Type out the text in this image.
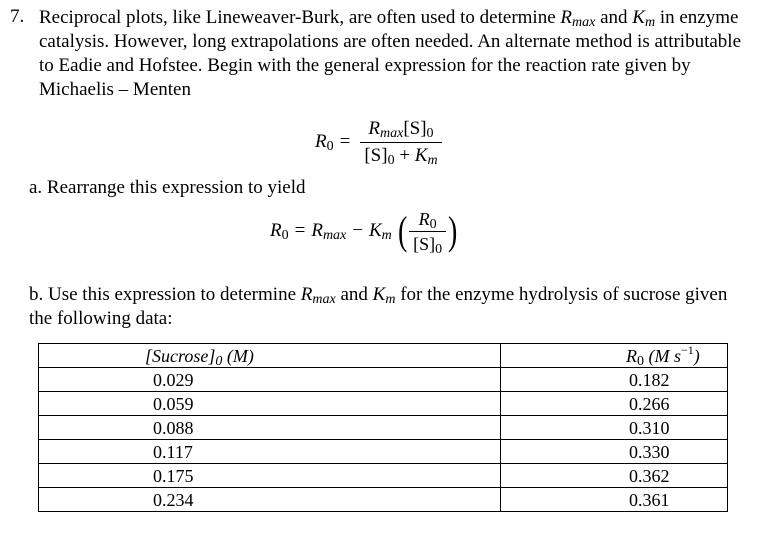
7. Reciprocal plots, like Lineweaver-Burk, are often used to determine $R_{max}$ and $K_m$ in enzyme catalysis. However, long extrapolations are often needed. An alternate method is attributable to Eadie and Hofstee. Begin with the general expression for the reaction rate given by Michaelis – Menten
$R_0 = \frac{R_{max}[S]_0}{[S]_0 + K_m}$
a. Rearrange this expression to yield
$R_0 = R_{max} - K_m$ ( $\frac{R_0}{[S]_0}$ )
b. Use this expression to determine $R_{max}$ and $K_m$ for the enzyme hydrolysis of sucrose given the following data:
$[Sucrose]_0$ (M)	$R_0$ (M $s^{-1}$)
0.029	0.182
0.059	0.266
0.088	0.310
0.117	0.330
0.175	0.362
0.234	0.361
